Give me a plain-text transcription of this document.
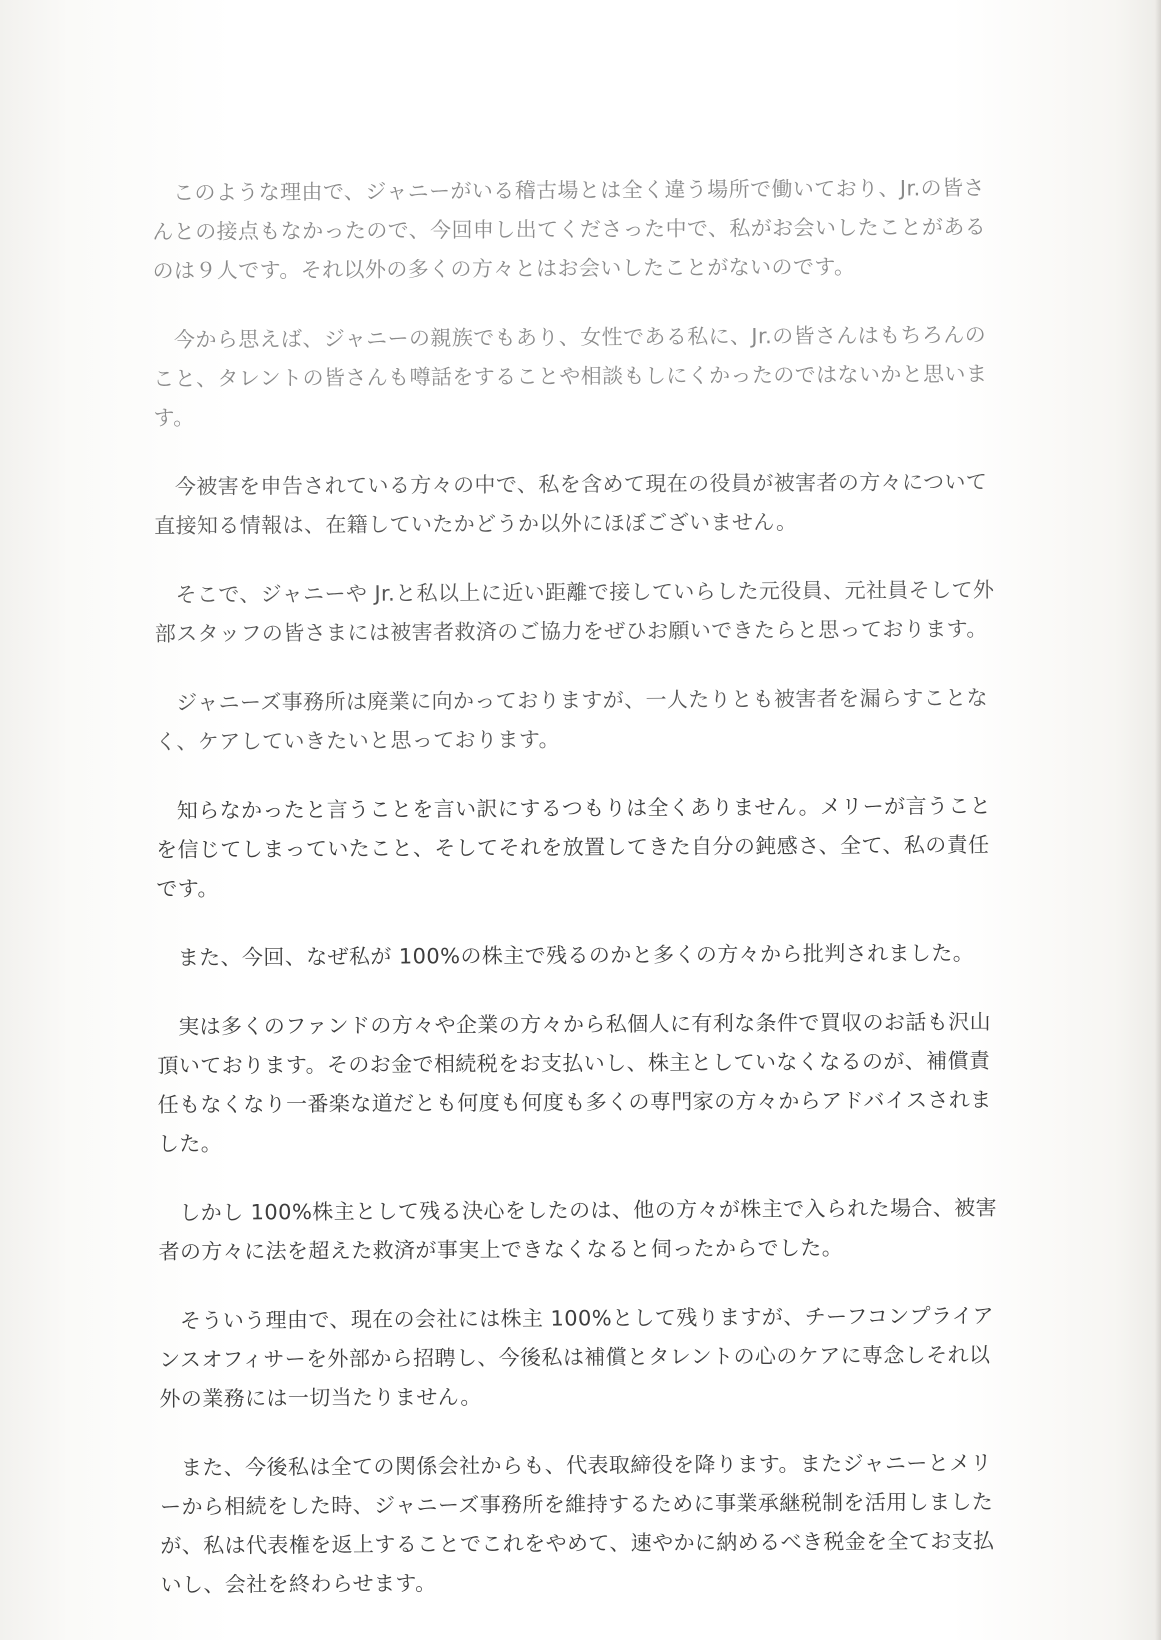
このような理由で、ジャニーがいる稽古場とは全く違う場所で働いており、Jr.の皆さんとの接点もなかったので、今回申し出てくださった中で、私がお会いしたことがあるのは９人です。それ以外の多くの方々とはお会いしたことがないのです。

今から思えば、ジャニーの親族でもあり、女性である私に、Jr.の皆さんはもちろんのこと、タレントの皆さんも噂話をすることや相談もしにくかったのではないかと思います。

今被害を申告されている方々の中で、私を含めて現在の役員が被害者の方々について直接知る情報は、在籍していたかどうか以外にほぼございません。

そこで、ジャニーや Jr.と私以上に近い距離で接していらした元役員、元社員そして外部スタッフの皆さまには被害者救済のご協力をぜひお願いできたらと思っております。

ジャニーズ事務所は廃業に向かっておりますが、一人たりとも被害者を漏らすことなく、ケアしていきたいと思っております。

知らなかったと言うことを言い訳にするつもりは全くありません。メリーが言うことを信じてしまっていたこと、そしてそれを放置してきた自分の鈍感さ、全て、私の責任です。

また、今回、なぜ私が 100%の株主で残るのかと多くの方々から批判されました。

実は多くのファンドの方々や企業の方々から私個人に有利な条件で買収のお話も沢山頂いております。そのお金で相続税をお支払いし、株主としていなくなるのが、補償責任もなくなり一番楽な道だとも何度も何度も多くの専門家の方々からアドバイスされました。

しかし 100%株主として残る決心をしたのは、他の方々が株主で入られた場合、被害者の方々に法を超えた救済が事実上できなくなると伺ったからでした。

そういう理由で、現在の会社には株主 100%として残りますが、チーフコンプライアンスオフィサーを外部から招聘し、今後私は補償とタレントの心のケアに専念しそれ以外の業務には一切当たりません。

また、今後私は全ての関係会社からも、代表取締役を降ります。またジャニーとメリーから相続をした時、ジャニーズ事務所を維持するために事業承継税制を活用しましたが、私は代表権を返上することでこれをやめて、速やかに納めるべき税金を全てお支払いし、会社を終わらせます。
